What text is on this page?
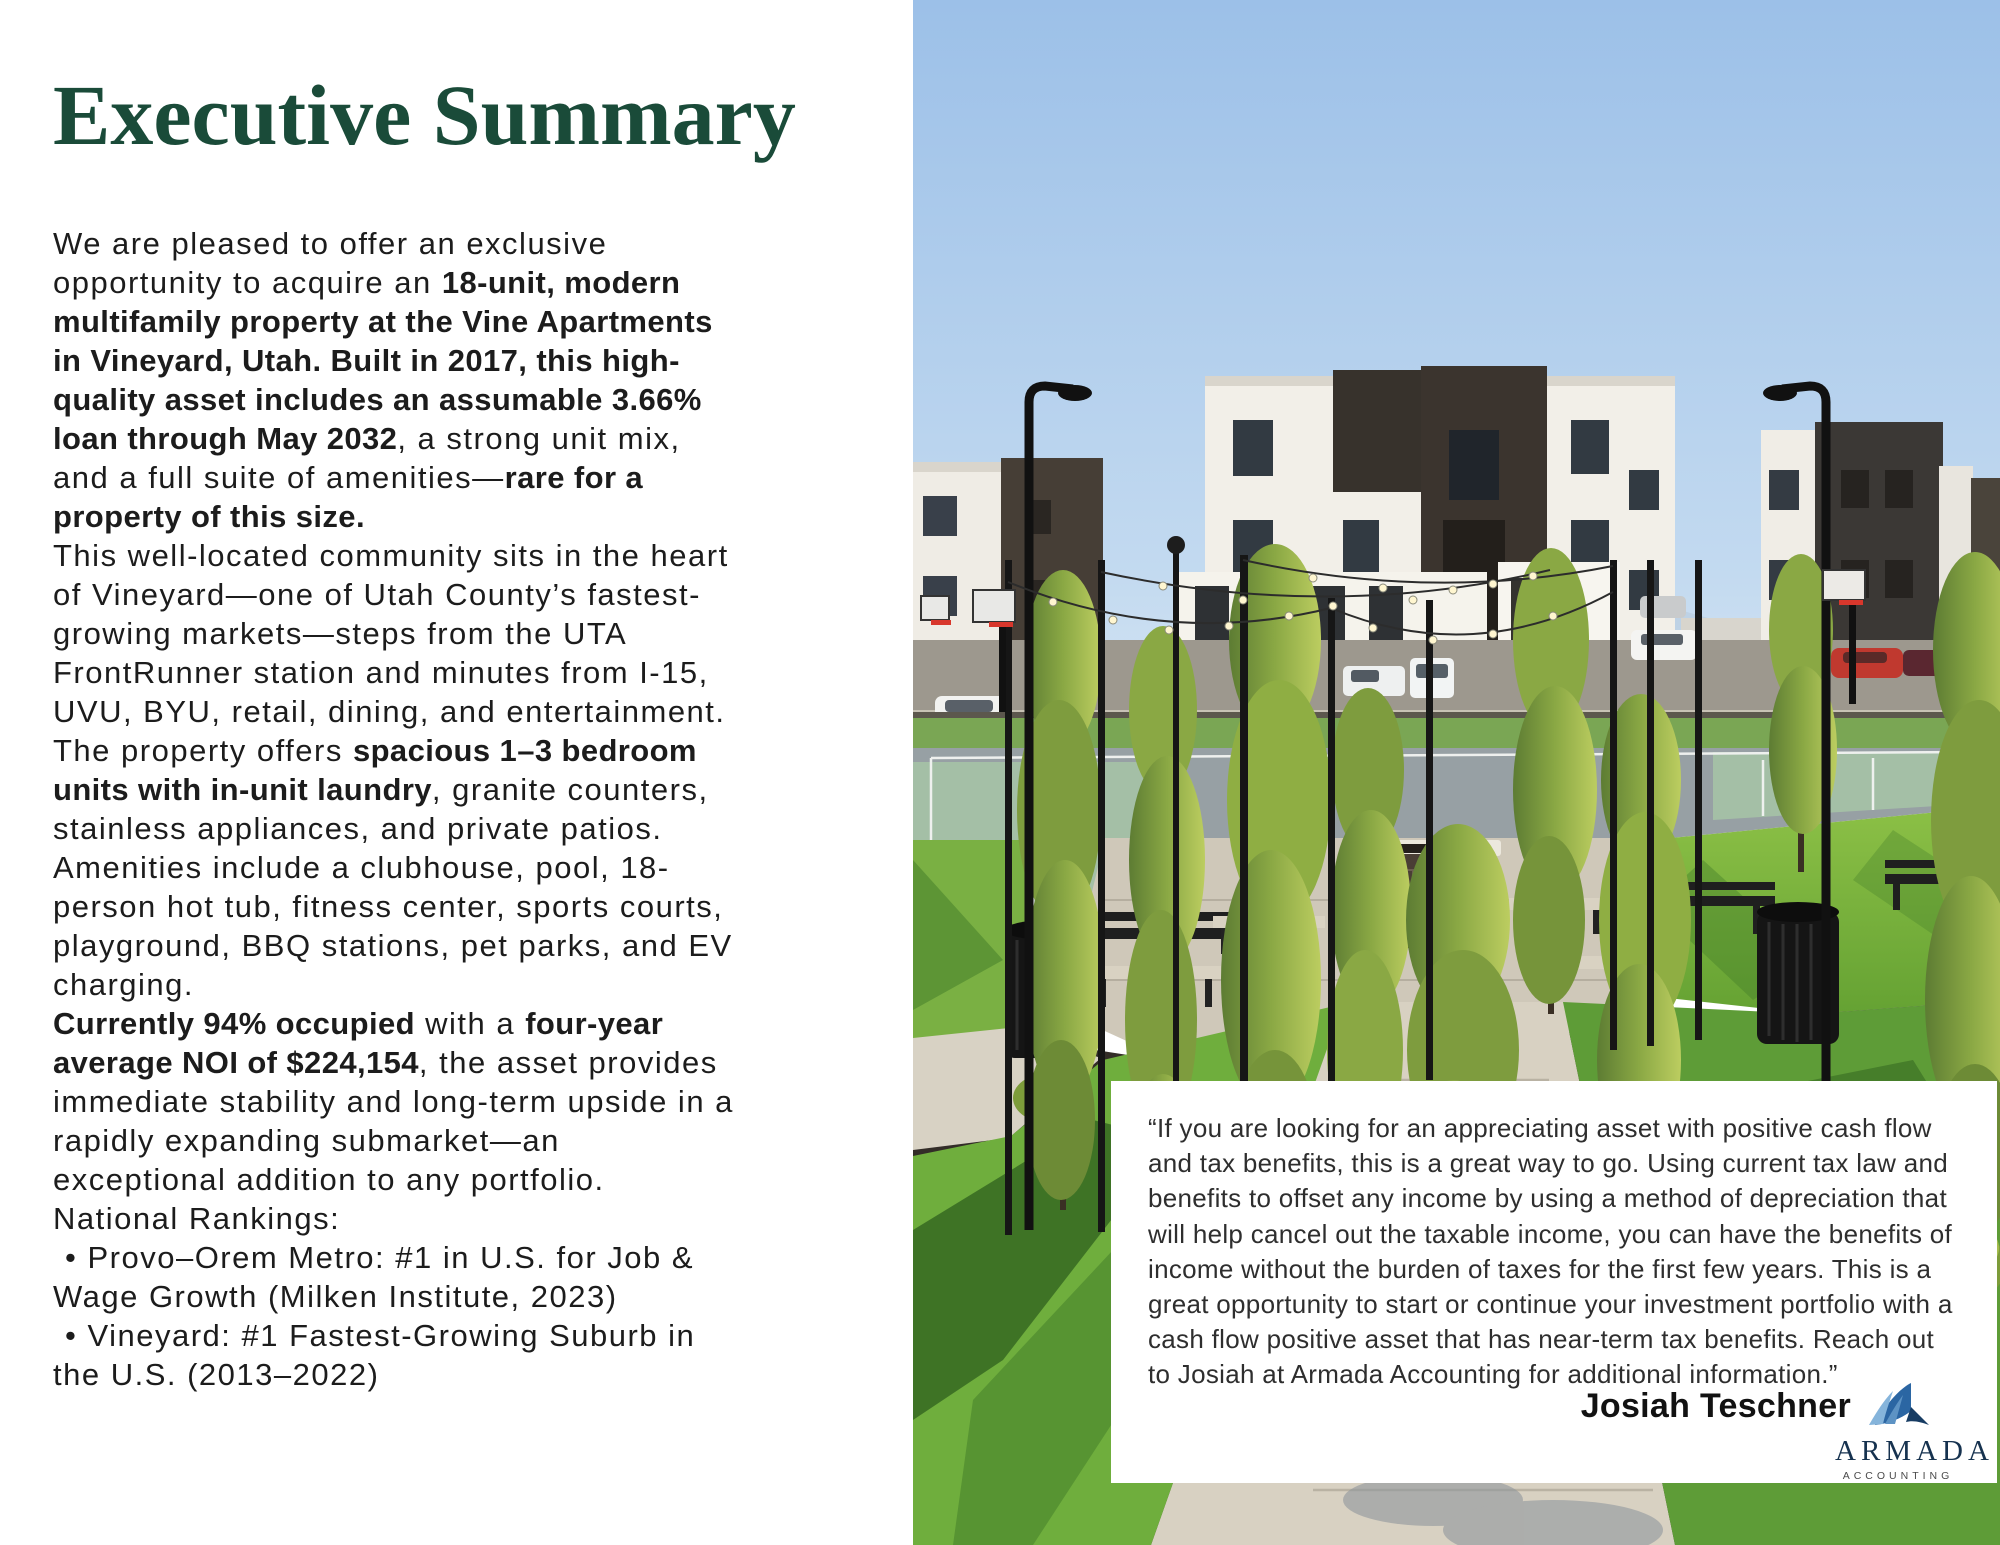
Executive Summary

We are pleased to offer an exclusive opportunity to acquire an 18-unit, modern multifamily property at the Vine Apartments in Vineyard, Utah. Built in 2017, this high-quality asset includes an assumable 3.66% loan through May 2032, a strong unit mix, and a full suite of amenities—rare for a property of this size.

This well-located community sits in the heart of Vineyard—one of Utah County’s fastest-growing markets—steps from the UTA FrontRunner station and minutes from I-15, UVU, BYU, retail, dining, and entertainment.

The property offers spacious 1–3 bedroom units with in-unit laundry, granite counters, stainless appliances, and private patios.

Amenities include a clubhouse, pool, 18-person hot tub, fitness center, sports courts, playground, BBQ stations, pet parks, and EV charging.

Currently 94% occupied with a four-year average NOI of $224,154, the asset provides immediate stability and long-term upside in a rapidly expanding submarket—an exceptional addition to any portfolio.

National Rankings:

• Provo–Orem Metro: #1 in U.S. for Job & Wage Growth (Milken Institute, 2023)

• Vineyard: #1 Fastest-Growing Suburb in the U.S. (2013–2022)

“If you are looking for an appreciating asset with positive cash flow and tax benefits, this is a great way to go. Using current tax law and benefits to offset any income by using a method of depreciation that will help cancel out the taxable income, you can have the benefits of income without the burden of taxes for the first few years. This is a great opportunity to start or continue your investment portfolio with a cash flow positive asset that has near-term tax benefits. Reach out to Josiah at Armada Accounting for additional information.”

Josiah Teschner
ARMADA
ACCOUNTING
